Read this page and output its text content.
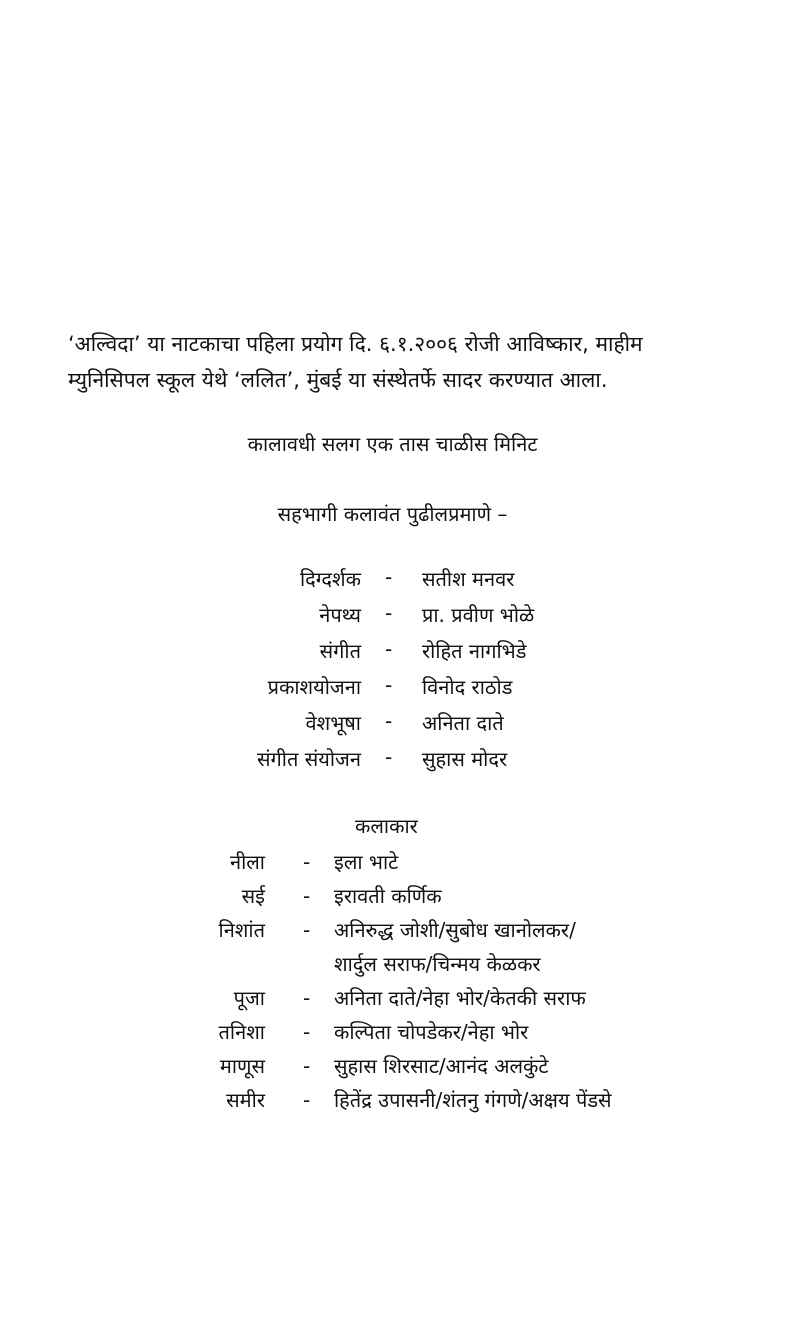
‘अल्विदा’ या नाटकाचा पहिला प्रयोग दि. ६.१.२००६ रोजी आविष्कार, माहीम

म्युनिसिपल स्कूल येथे ‘ललित’, मुंबई या संस्थेतर्फे सादर करण्यात आला.

कालावधी सलग एक तास चाळीस मिनिट
सहभागी कलावंत पुढीलप्रमाणे –
दिग्दर्शक - सतीश मनवर
नेपथ्य - प्रा. प्रवीण भोळे
संगीत - रोहित नागभिडे
प्रकाशयोजना - विनोद राठोड
वेशभूषा - अनिता दाते
संगीत संयोजन - सुहास मोदर
कलाकार
नीला - इला भाटे
सई - इरावती कर्णिक
निशांत - अनिरुद्ध जोशी/सुबोध खानोलकर/
शार्दुल सराफ/चिन्मय केळकर
पूजा - अनिता दाते/नेहा भोर/केतकी सराफ
तनिशा - कल्पिता चोपडेकर/नेहा भोर
माणूस - सुहास शिरसाट/आनंद अलकुंटे
समीर - हितेंद्र उपासनी/शंतनु गंगणे/अक्षय पेंडसे
